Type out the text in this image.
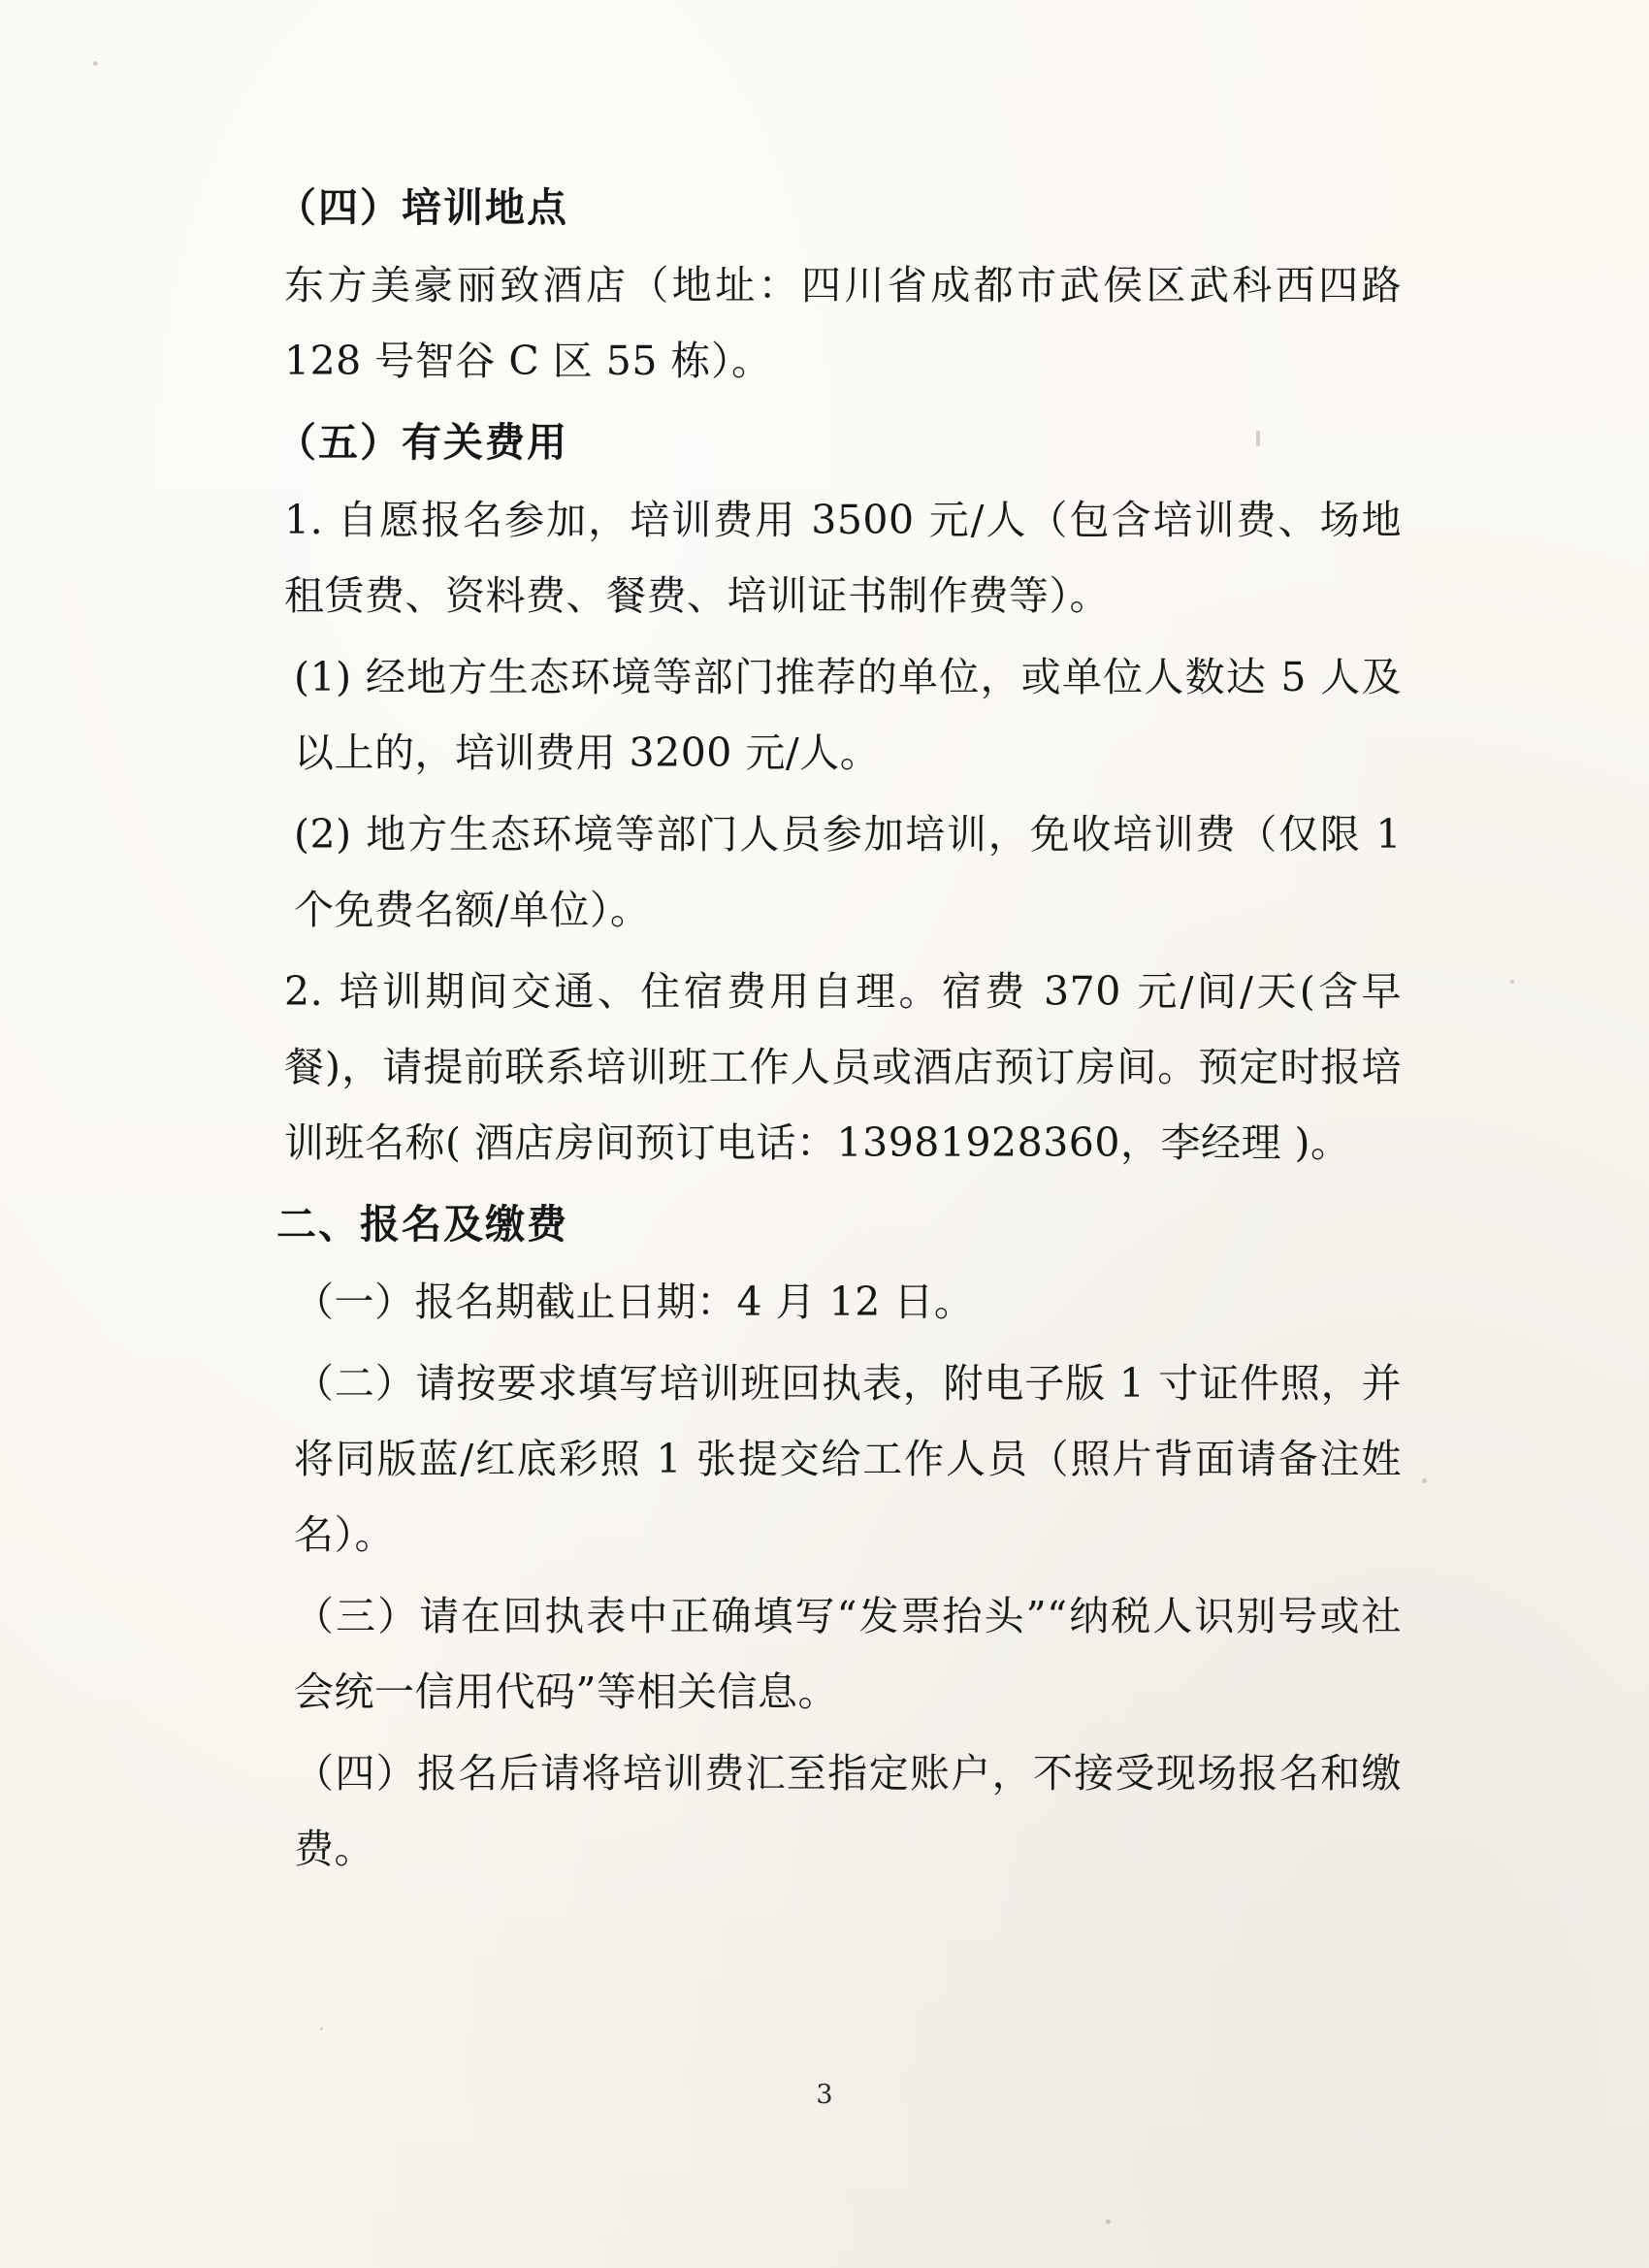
（四）培训地点

东方美豪丽致酒店（地址：四川省成都市武侯区武科西四路 128 号智谷 C 区 55 栋）。

（五）有关费用

1. 自愿报名参加，培训费用 3500 元/人（包含培训费、场地租赁费、资料费、餐费、培训证书制作费等）。

(1) 经地方生态环境等部门推荐的单位，或单位人数达 5 人及以上的，培训费用 3200 元/人。

(2) 地方生态环境等部门人员参加培训，免收培训费（仅限 1 个免费名额/单位）。

2. 培训期间交通、住宿费用自理。宿费 370 元/间/天(含早餐)，请提前联系培训班工作人员或酒店预订房间。预定时报培训班名称( 酒店房间预订电话：13981928360，李经理 )。

二、报名及缴费

（一）报名期截止日期：4 月 12 日。

（二）请按要求填写培训班回执表，附电子版 1 寸证件照，并将同版蓝/红底彩照 1 张提交给工作人员（照片背面请备注姓名）。

（三）请在回执表中正确填写“发票抬头”“纳税人识别号或社会统一信用代码”等相关信息。

（四）报名后请将培训费汇至指定账户，不接受现场报名和缴费。

3
